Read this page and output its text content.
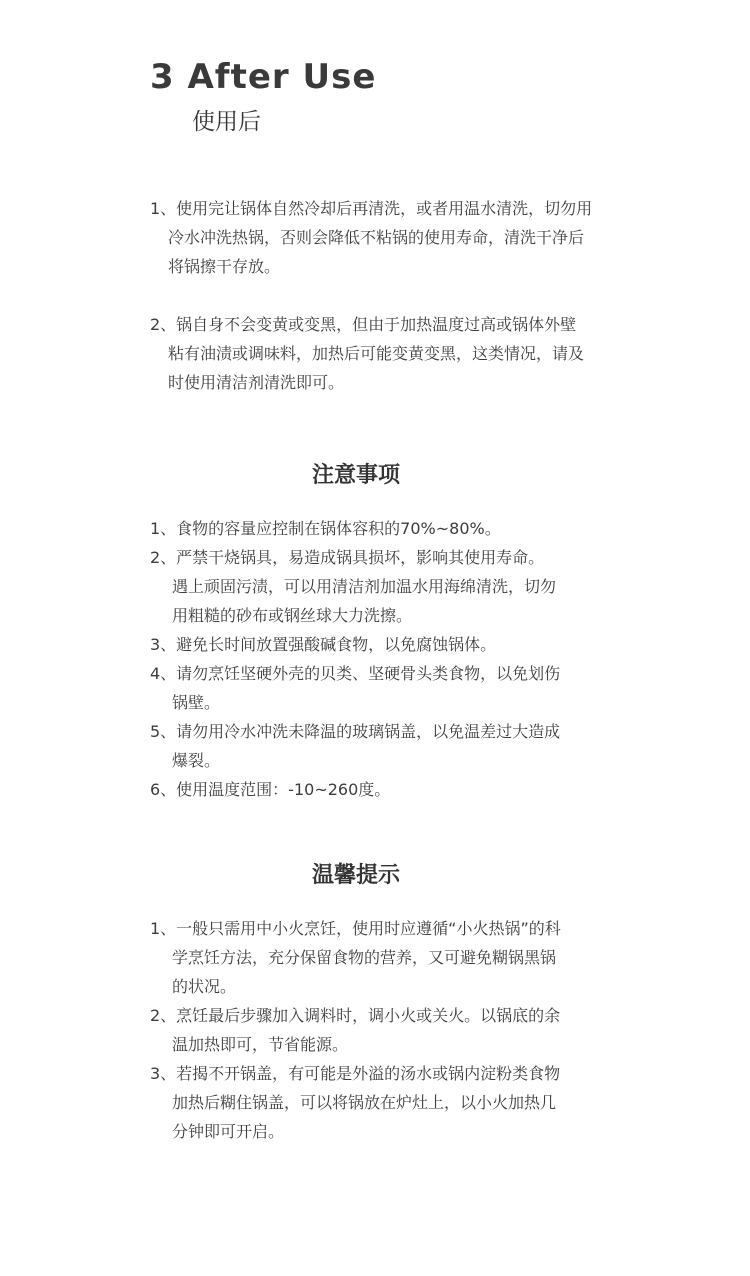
3 After Use
使用后
1、使用完让锅体自然冷却后再清洗，或者用温水清洗，切勿用
冷水冲洗热锅，否则会降低不粘锅的使用寿命，清洗干净后
将锅擦干存放。
2、锅自身不会变黄或变黑，但由于加热温度过高或锅体外壁
粘有油渍或调味料，加热后可能变黄变黑，这类情况，请及
时使用清洁剂清洗即可。
注意事项
1、食物的容量应控制在锅体容积的70%~80%。
2、严禁干烧锅具，易造成锅具损坏，影响其使用寿命。
遇上顽固污渍，可以用清洁剂加温水用海绵清洗，切勿
用粗糙的砂布或钢丝球大力洗擦。
3、避免长时间放置强酸碱食物，以免腐蚀锅体。
4、请勿烹饪坚硬外壳的贝类、坚硬骨头类食物，以免划伤
锅壁。
5、请勿用冷水冲洗未降温的玻璃锅盖，以免温差过大造成
爆裂。
6、使用温度范围：-10~260度。
温馨提示
1、一般只需用中小火烹饪，使用时应遵循“小火热锅”的科
学烹饪方法，充分保留食物的营养，又可避免糊锅黑锅
的状况。
2、烹饪最后步骤加入调料时，调小火或关火。以锅底的余
温加热即可，节省能源。
3、若揭不开锅盖，有可能是外溢的汤水或锅内淀粉类食物
加热后糊住锅盖，可以将锅放在炉灶上，以小火加热几
分钟即可开启。
